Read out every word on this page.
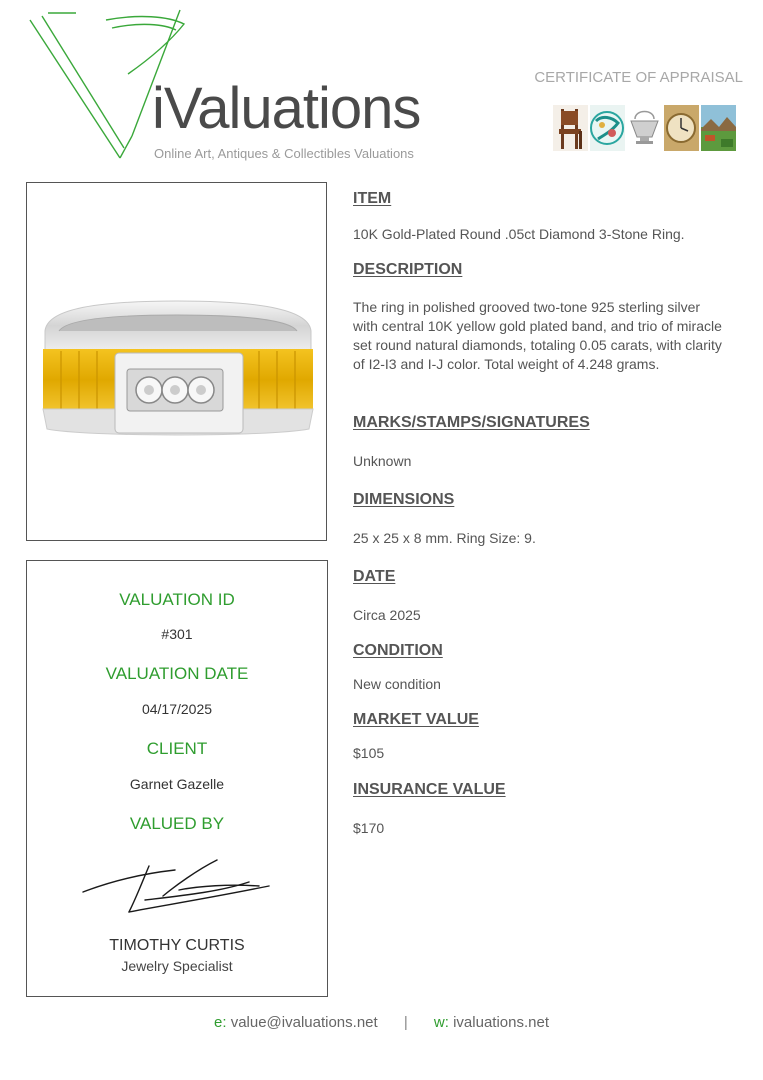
iValuations
Online Art, Antiques & Collectibles Valuations
CERTIFICATE OF APPRAISAL
VALUATION ID
#301
VALUATION DATE
04/17/2025
CLIENT
Garnet Gazelle
VALUED BY
TIMOTHY CURTIS
Jewelry Specialist
ITEM
10K Gold-Plated Round .05ct Diamond 3-Stone Ring.
DESCRIPTION
The ring in polished grooved two-tone 925 sterling silver with central 10K yellow gold plated band, and trio of miracle set round natural diamonds, totaling 0.05 carats, with clarity of I2-I3 and I-J color. Total weight of 4.248 grams.
MARKS/STAMPS/SIGNATURES
Unknown
DIMENSIONS
25 x 25 x 8 mm. Ring Size: 9.
DATE
Circa 2025
CONDITION
New condition
MARKET VALUE
$105
INSURANCE VALUE
$170
e: value@ivaluations.net | w: ivaluations.net
